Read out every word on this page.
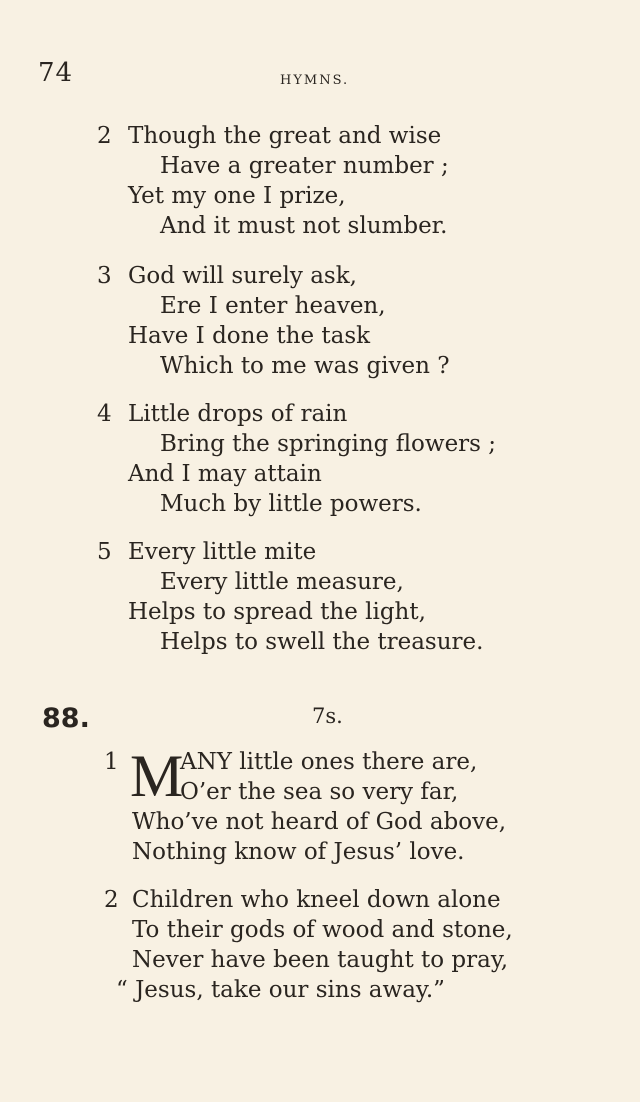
74	HYMNS.
2 Though the great and wise
Have a greater number ;
Yet my one I prize,
And it must not slumber.
3 God will surely ask,
Ere I enter heaven,
Have I done the task
Which to me was given ?
4 Little drops of rain
Bring the springing flowers ;
And I may attain
Much by little powers.
5 Every little mite
Every little measure,
Helps to spread the light,
Helps to swell the treasure.
88.	7s.
1 M
ANY little ones there are,
O’er the sea so very far,
Who’ve not heard of God above,
Nothing know of Jesus’ love.
2 Children who kneel down alone
To their gods of wood and stone,
Never have been taught to pray,
“ Jesus, take our sins away.”
